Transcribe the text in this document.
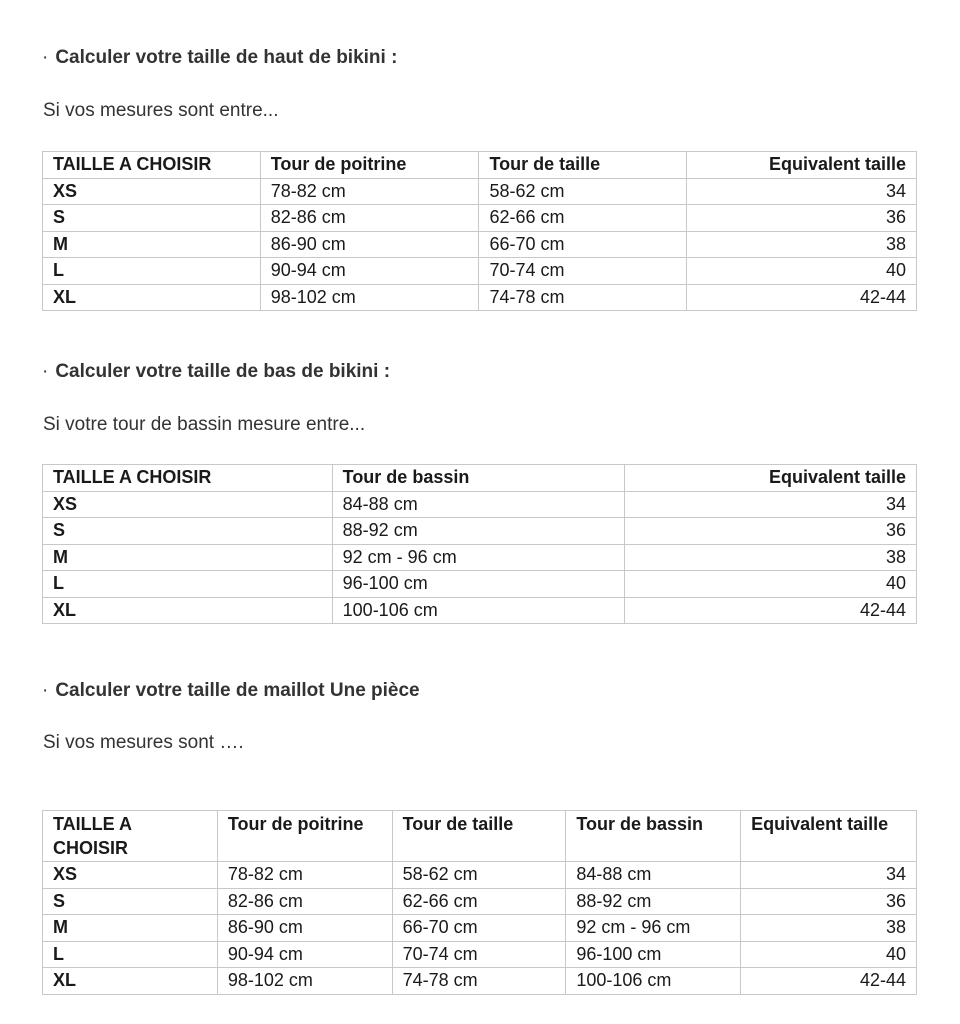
· Calculer votre taille de haut de bikini :
Si vos mesures sont entre...
TAILLE A CHOISIR	Tour de poitrine	Tour de taille	Equivalent taille
XS	78-82 cm	58-62 cm	34
S	82-86 cm	62-66 cm	36
M	86-90 cm	66-70 cm	38
L	90-94 cm	70-74 cm	40
XL	98-102 cm	74-78 cm	42-44
· Calculer votre taille de bas de bikini :
Si votre tour de bassin mesure entre...
TAILLE A CHOISIR	Tour de bassin	Equivalent taille
XS	84-88 cm	34
S	88-92 cm	36
M	92 cm - 96 cm	38
L	96-100 cm	40
XL	100-106 cm	42-44
· Calculer votre taille de maillot Une pièce
Si vos mesures sont ….
TAILLE A CHOISIR	Tour de poitrine	Tour de taille	Tour de bassin	Equivalent taille
XS	78-82 cm	58-62 cm	84-88 cm	34
S	82-86 cm	62-66 cm	88-92 cm	36
M	86-90 cm	66-70 cm	92 cm - 96 cm	38
L	90-94 cm	70-74 cm	96-100 cm	40
XL	98-102 cm	74-78 cm	100-106 cm	42-44
